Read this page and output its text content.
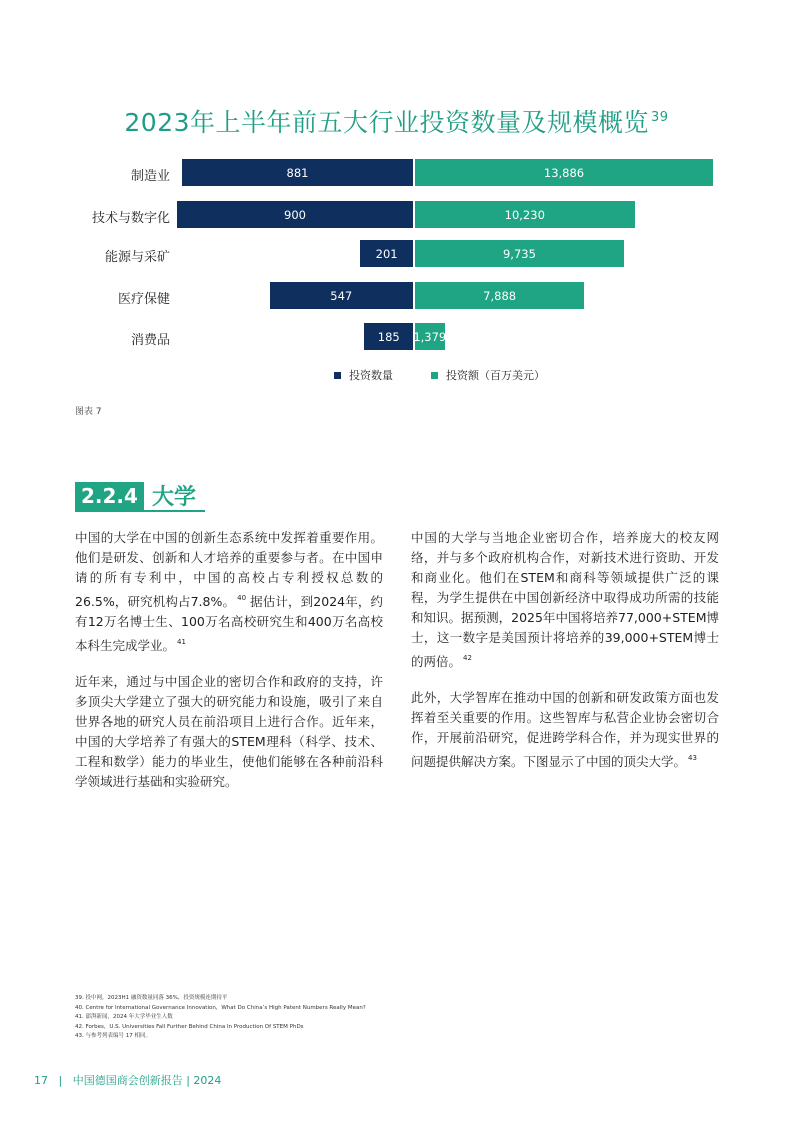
2023年上半年前五大行业投资数量及规模概览 $^{39}$
制造业	881	13,886
技术与数字化	900	10,230
能源与采矿	201	9,735
医疗保健	547	7,888
消费品	185 1,379
投资数量	投资额（百万美元）
图表 7
2.2.4 大学

中国的大学在中国的创新生态系统中发挥着重要作用。他们是研发、创新和人才培养的重要参与者。在中国申请的所有专利中，中国的高校占专利授权总数的26.5%，研究机构占7.8%。 $^{40}$ 据估计，到2024年，约有12万名博士生、100万名高校研究生和400万名高校本科生完成学业。 $^{41}$

近年来，通过与中国企业的密切合作和政府的支持，许多顶尖大学建立了强大的研究能力和设施，吸引了来自世界各地的研究人员在前沿项目上进行合作。近年来，中国的大学培养了有强大的STEM理科（科学、技术、工程和数学）能力的毕业生，使他们能够在各种前沿科学领域进行基础和实验研究。

中国的大学与当地企业密切合作，培养庞大的校友网络，并与多个政府机构合作，对新技术进行资助、开发和商业化。他们在STEM和商科等领域提供广泛的课程，为学生提供在中国创新经济中取得成功所需的技能和知识。据预测，2025年中国将培养77,000+STEM博士，这一数字是美国预计将培养的39,000+STEM博士的两倍。 $^{42}$

此外，大学智库在推动中国的创新和研发政策方面也发挥着至关重要的作用。这些智库与私营企业协会密切合作，开展前沿研究，促进跨学科合作，并为现实世界的问题提供解决方案。下图显示了中国的顶尖大学。 $^{43}$

39. 投中网，2023H1 融资数量同落 36%，投资规模连期持平
40. Centre for International Governance Innovation，What Do China’s High Patent Numbers Really Mean?
41. 澎湃新闻，2024 年大学毕业生人数
42. Forbes，U.S. Universities Fall Further Behind China In Production Of STEM PhDs
43. 与参考列表编号 17 相同。
17   |   中国德国商会创新报告 | 2024
